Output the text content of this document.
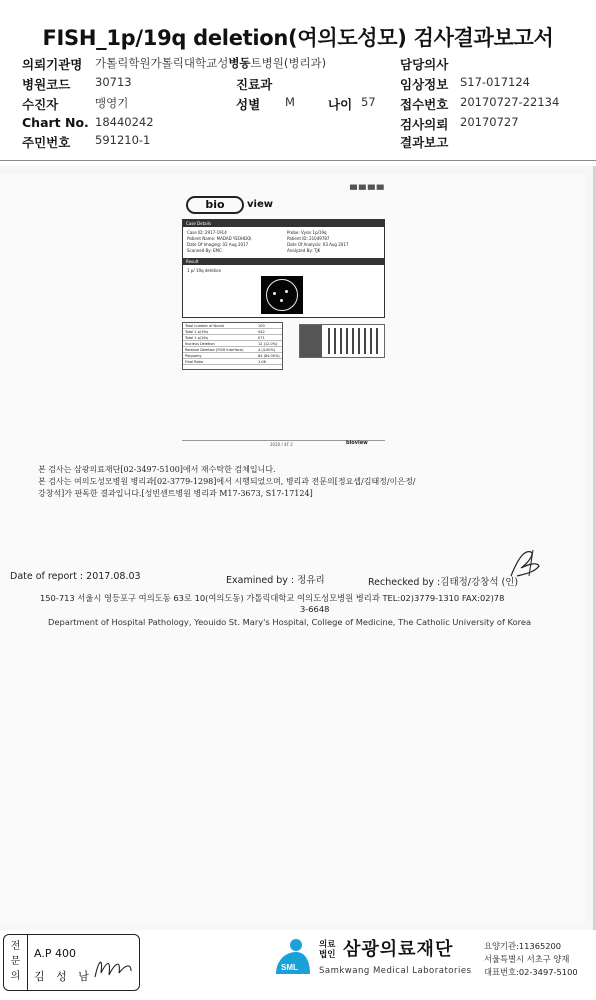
FISH_1p/19q deletion(여의도성모) 검사결과보고서
의뢰기관명 가톨릭학원가톨릭대학교성병동트병원(병리과)	담당의사
병원코드 30713	진료과	임상정보 S17-017124
수진자	맹영기	성별 M	나이 57 접수번호 20170727-22134
Chart No. 18440242	검사의뢰 20170727
주민번호 591210-1	결과보고
bio view
▀▀▀▀
Case Details
Case ID: 2917-1914
Patient Name: MADAD YEOHDQI
Date Of Imaging: 02 Aug 2017
Scanned By: EMC
Probe: Vysis 1p/19q
Patient ID: 21049787
Date Of Analysis: 03 Aug 2017
Analyzed By: TJK
Result
1 p/ 19q deletion
Total number of Nuclei	100
Total 1 p/19q	042
Total 1 p/19q	071
Nucleus Deletion	12 (12.0%)
Relative Deletion (FISH Interface)	4 (4.00%)
Polysomy	84 (84.00%)
Final Ratio	1.06
2020 / 4F 2	bioview
본 검사는 삼광의료재단[02-3497-5100]에서 재수탁한 검체입니다.
본 검사는 여의도성모병원 병리과[02-3779-1298]에서 시행되었으며, 병리과 전문의[정요셉/김태정/이은정/
강창석]가 판독한 결과입니다.[성빈센트병원 병리과 M17-3673, S17-17124]
Date of report : 2017.08.03	Examined by : 정유리	Rechecked by :김태정/강창석 (인)
150-713 서울시 영등포구 여의도동 63로 10(여의도동) 가톨릭대학교 여의도성모병원 병리과 TEL:02)3779-1310 FAX:02)78
3-6648
Department of Hospital Pathology, Yeouido St. Mary's Hospital, College of Medicine, The Catholic University of Korea
전
문
의
A.P 400
김 성 남
SML
의료
법인 삼광의료재단
Samkwang Medical Laboratories
요양기관:11365200
서울특별시 서초구 양재
대표번호:02-3497-5100
